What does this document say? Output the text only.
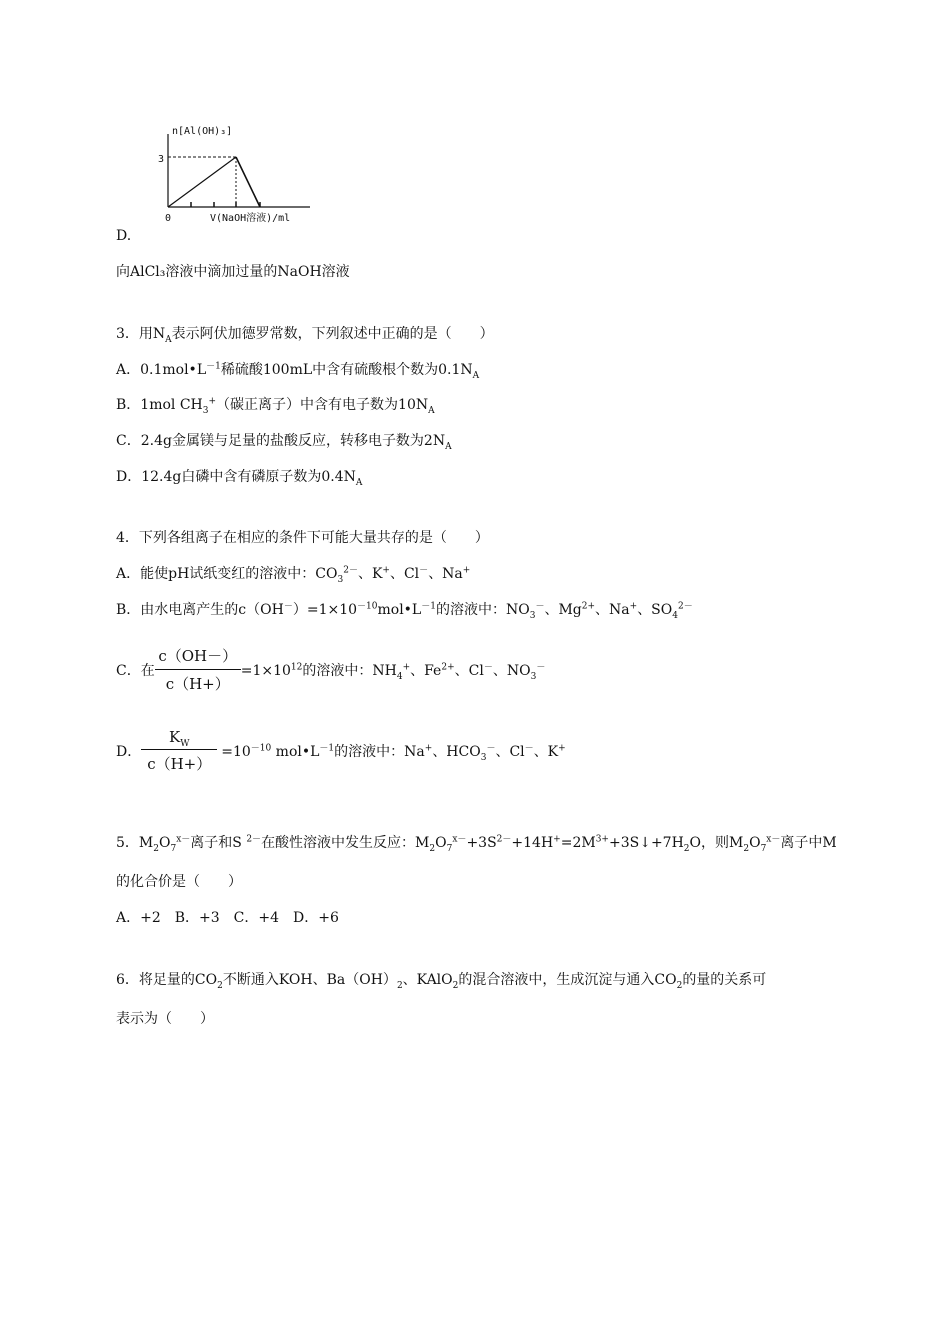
n[Al(OH)₃]
3
0	V(NaOH溶液)/ml
D.
向AlCl₃溶液中滴加过量的NaOH溶液
3．用$N_A$表示阿伏加德罗常数，下列叙述中正确的是（　　）
A．$0.1mol•L^{-1}$稀硫酸100mL中含有硫酸根个数为$0.1N_A$
B．1mol $CH_3^+$（碳正离子）中含有电子数为$10N_A$
C．2.4g金属镁与足量的盐酸反应，转移电子数为$2N_A$
D．12.4g白磷中含有磷原子数为$0.4N_A$
4．下列各组离子在相应的条件下可能大量共存的是（　　）
A．能使pH试纸变红的溶液中：$CO_3^{2-}$、K+、Cl－、Na+
B．由水电离产生的$c(OH^-)=1\times 10^{-10}mol•L^{-1}$的溶液中：$NO_3^-$、$Mg^{2+}$、Na+、$SO_4^{2-}$
C．在 $\frac{c(OH-)}{c(H+)} =1\times 10^{12}$的溶液中：$NH_4^+$、$Fe^{2+}$、Cl－、$NO_3^-$
D． $\frac{K_W}{c(H+)} =10^{-10}$ $mol•L^{-1}$的溶液中：Na+、$HCO_3^-$、Cl－、K+
5．$M_2O_7^{x-}$离子和S $^{2-}$在酸性溶液中发生反应：$M_2O_7^{x-}+3S^{2-}+14H^+=2M^{3+}+3S↓+7H_2O$，则$M_2O_7^{x-}$离子中M
的化合价是（　　）
A．+2　B．+3　C．+4　D．+6
6．将足量的$CO_2$不断通入KOH、$Ba(OH)_2$、KAlO$_2$的混合溶液中，生成沉淀与通入$CO_2$的量的关系可
表示为（　　）
